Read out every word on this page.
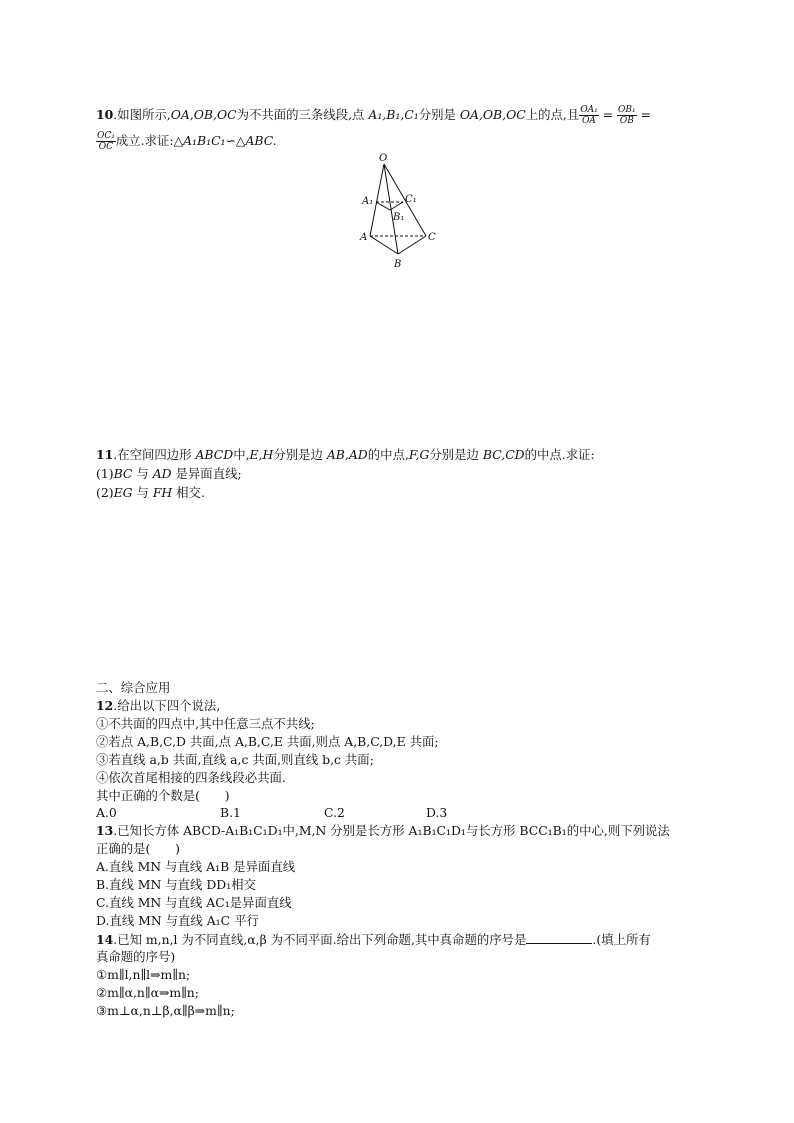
10.如图所示,OA,OB,OC为不共面的三条线段,点 A₁,B₁,C₁分别是 OA,OB,OC上的点,且 $\frac{\text{OA₁}}{OA} = \frac{\text{OB₁}}{OB}$ =
$\frac{\text{OC₁}}{OC}$ 成立.求证:△A₁B₁C₁∽△ABC.
O
A₁	C₁
B₁
A	C
B
11.在空间四边形 ABCD中,E,H分别是边 AB,AD的中点,F,G分别是边 BC,CD的中点.求证:
(1)BC 与 AD 是异面直线;
(2)EG 与 FH 相交.
二、综合应用
12.给出以下四个说法,
①不共面的四点中,其中任意三点不共线;
②若点 A,B,C,D 共面,点 A,B,C,E 共面,则点 A,B,C,D,E 共面;
③若直线 a,b 共面,直线 a,c 共面,则直线 b,c 共面;
④依次首尾相接的四条线段必共面.
其中正确的个数是(　　)
A.0	B.1	C.2	D.3
13.已知长方体 ABCD-A₁B₁C₁D₁中,M,N 分别是长方形 A₁B₁C₁D₁与长方形 BCC₁B₁的中心,则下列说法
正确的是(　　)
A.直线 MN 与直线 A₁B 是异面直线
B.直线 MN 与直线 DD₁相交
C.直线 MN 与直线 AC₁是异面直线
D.直线 MN 与直线 A₁C 平行
14.已知 m,n,l 为不同直线,α,β 为不同平面.给出下列命题,其中真命题的序号是	.(填上所有
真命题的序号)
①m∥l,n∥l⇒m∥n;
②m∥α,n∥α⇒m∥n;
③m⊥α,n⊥β,α∥β⇒m∥n;
